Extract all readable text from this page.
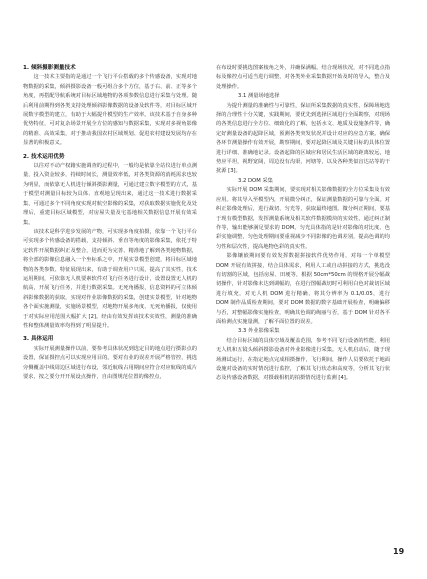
1. 倾斜摄影测量技术

这一技术主要指的是通过一个飞行平台搭载的多个传感设备，实现对地物数据的采集，倾斜摄影设备一般可组合多个方位，基于右、前、正等多个角度，再搭配导航系统对目标区域地物的各项参数信息进行采集与处理。随后利用前期得到各类支持处理倾斜影像数据的设备及软件等，对目标区域开展数字模型的建立，有助于大幅提升模型的生产效率。该技术基于自身多种优势特征，可对复杂场景开展全方位的感知与数据采集，实现对多视角影像的精准、高效采集，对于推动我国农村区域规划、促进农村建设发展均存在显著的积极意义。

2. 技术运用优势

以往对不动产权籍实施调查的过程中，一般均是依靠全站仪进行单点测量，投入资金较多，持续时间长，测量效率低，对各类资源的消耗需求也较为明显，而依靠无人机进行倾斜摄影测量，可通过建立数字模型的方式，基于模型对测量目标较为具体、直观地呈现出来，通过这一技术进行数据采集，可通过多个不同角度实现对航空影像的采集，对获取数据实施优化及处理后，重建目标区域模型，对房屋失量及宅基地相关数据信息开展有效采集。

该技术是科学进步发展的产物，可实现多角度拍摄，依靠一个飞行平台可实现多个传感设备的搭载，支持倾斜、垂直等角度的影像采集，依托于特定软件开展数据纠正及整合，进而更为完善、精准地了解到各类地物数据，将全部的影像信息融入一个坐标系之中，开展实景模型创建，将目标区域地物的各类参数、特征展现出来，有助于调查用户只需，提高了其实性，技术运用期间，可依靠无人机要素软件对飞行任务进行设计，设置设置无人机的航高，开展飞行任务，并进行数据采集。无死角播报，信息资料的可立体倾斜影像数据的获取，实现对作业影像数据的采集，创建实景模型，针对地物各个面实施测量，实施场景模型，对地物开展多角度、无死角播报，仅使用于对实际应用范围大幅扩大 [2]。经由有效发挥该技术实效性，测量的准确性和整体测量效率均得到了明显提升。

3. 具体运用

实际开展测量操作以前，要参考具体状况到选定目的地点进行摄影点的设置，保证摄控点可以实现应用目的。要对有业的误差开展严格管控，挑选旁侧覆盖中线周边区域进行布设，邻近航线占用期间应符合对应航线的成片要求，按之要分开开展设点操作，自由图规范位置的像控点，

在布设时要挑选图案棱角之外，并确保满幅。结合现场状况，对不同选点指标及像控点可适当进行调整，对各类外业采集数据开始及时的导入，整合及处理操作。

3.1 测量场地选择

为提升测量的准确性与可靠性，保证所采集数据的真实性，保障场地选择的合理性十分关键，实践期间，要优先到选择区域进行全面勘察，对现场的各类信息进行全方位、细致化的了解，包括水文、地质及设施条件等，确定好测量设备的起降区域，预测各类突发状况并设计对应的应急方案。确保各环节测量操作有效开展，勘察期间，要对起降区域及关键目标的具体位置进行详细、准确地记录。设备起降的区域应和居民生活区域的距离较远，地势应平坦，视野宽阔，周边没有沟渠、河塘等，以及各种类似盲达站等的干扰源 [3]。

3.2 DOM 采集

实际开展 DOM 采集期间，要实现对相关影像数据的全方位采集及有效应用。将其导入至模型内，开展微分纠正，保证测量数据的可靠与全面。对纠正影像处理后，进行裁切、匀光等，获取最终地图。微分纠正期间，要基于现有模型数据，发挥测量系统及相关软件数据模块的实效性。通过纠正制作等，输出能够满足要求的 DOM。匀光具体指的是针对影像的对比度、色彩实施调整，匀色处理期间要重视减少不同影像的色调差别，提高色调的均匀性和层次性，提高地物色彩的真实性。

影像镶嵌期间要有效发挥数据拼接软件优势作用，对每一个单模型 DOM 开展有效拼接，结合具体需求，利用人工或自动拼接的方式，挑选没有切割的区域，包括房屋、田埂等，根据 50cm*50cm 的规格开展分幅裁切操作，针对影像未达到调幅的，在进行图幅裁切时可利用白色对裁切区域进行填充，对无人机 DOM 进行精确，将其分辨率为 0.1/0.05，进行 DOM 制作品质检查期间，要对 DOM 数据的数字基础开展检查，明确偏移与否，对整幅影像实施检查，明确其色调的绚丽与否，基于 DOM 针对各平面检测点实施量测，了解平面位置的误差。

3.3 外业影像采集

结合目标区域的具体空域及覆盖范围，参考不同飞行设备的性能，利用无人机和五镜头倾斜摄影设备对外业影像进行采集。无人机启动后，随于现场测试运行，在指定地点完成相摄操作，飞行期间，操作人员要依托于地面设施对设备的实时情况进行监控，了解其飞行状态和高度等，分析其飞行状态及传感设备数据，对摄载相机的拍摄情况进行监测 [4]。

19
